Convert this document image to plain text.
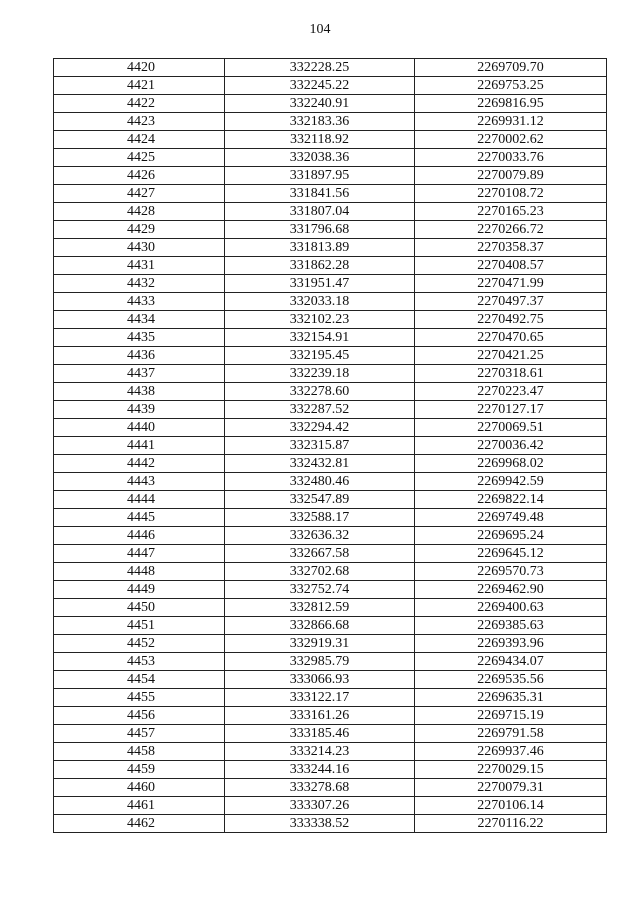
104
4420	332228.25	2269709.70
4421	332245.22	2269753.25
4422	332240.91	2269816.95
4423	332183.36	2269931.12
4424	332118.92	2270002.62
4425	332038.36	2270033.76
4426	331897.95	2270079.89
4427	331841.56	2270108.72
4428	331807.04	2270165.23
4429	331796.68	2270266.72
4430	331813.89	2270358.37
4431	331862.28	2270408.57
4432	331951.47	2270471.99
4433	332033.18	2270497.37
4434	332102.23	2270492.75
4435	332154.91	2270470.65
4436	332195.45	2270421.25
4437	332239.18	2270318.61
4438	332278.60	2270223.47
4439	332287.52	2270127.17
4440	332294.42	2270069.51
4441	332315.87	2270036.42
4442	332432.81	2269968.02
4443	332480.46	2269942.59
4444	332547.89	2269822.14
4445	332588.17	2269749.48
4446	332636.32	2269695.24
4447	332667.58	2269645.12
4448	332702.68	2269570.73
4449	332752.74	2269462.90
4450	332812.59	2269400.63
4451	332866.68	2269385.63
4452	332919.31	2269393.96
4453	332985.79	2269434.07
4454	333066.93	2269535.56
4455	333122.17	2269635.31
4456	333161.26	2269715.19
4457	333185.46	2269791.58
4458	333214.23	2269937.46
4459	333244.16	2270029.15
4460	333278.68	2270079.31
4461	333307.26	2270106.14
4462	333338.52	2270116.22
